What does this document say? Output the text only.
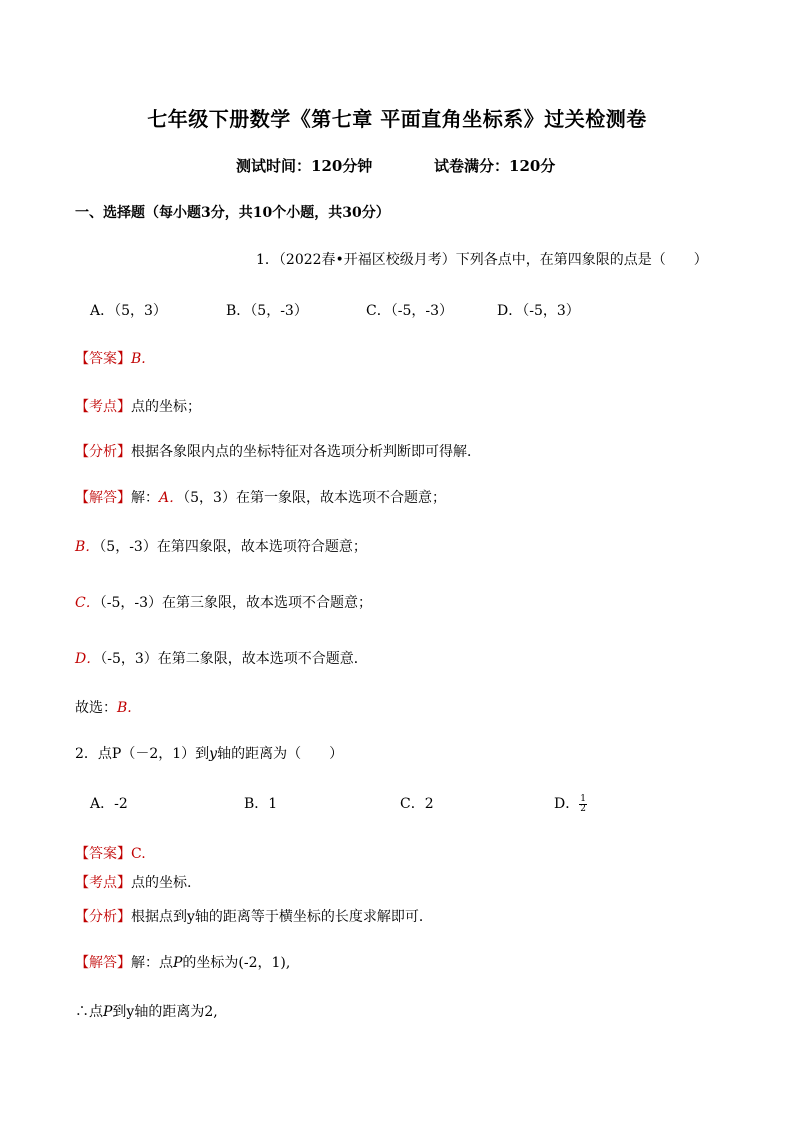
七年级下册数学《第七章 平面直角坐标系》过关检测卷
测试时间：120分钟	试卷满分：120分
一、选择题（每小题3分，共10个小题，共30分）
1．（2022春•开福区校级月考）下列各点中，在第四象限的点是（　　）
A．（5，3）	B．（5，-3）	C．（-5，-3）	D．（-5，3）
【答案】B.
【考点】点的坐标；
【分析】根据各象限内点的坐标特征对各选项分析判断即可得解．
【解答】解：A．（5，3）在第一象限，故本选项不合题意；
B．（5，-3）在第四象限，故本选项符合题意；
C．（-5，-3）在第三象限，故本选项不合题意；
D．（-5，3）在第二象限，故本选项不合题意．
故选：B.
2．点P（－2，1）到y轴的距离为（　　）
A．-2	B．1	C．2	D． $\frac{1}{2}$
【答案】C.
【考点】点的坐标.
【分析】根据点到y轴的距离等于横坐标的长度求解即可．
【解答】解：点P的坐标为(-2，1),
∴点P到y轴的距离为2,
